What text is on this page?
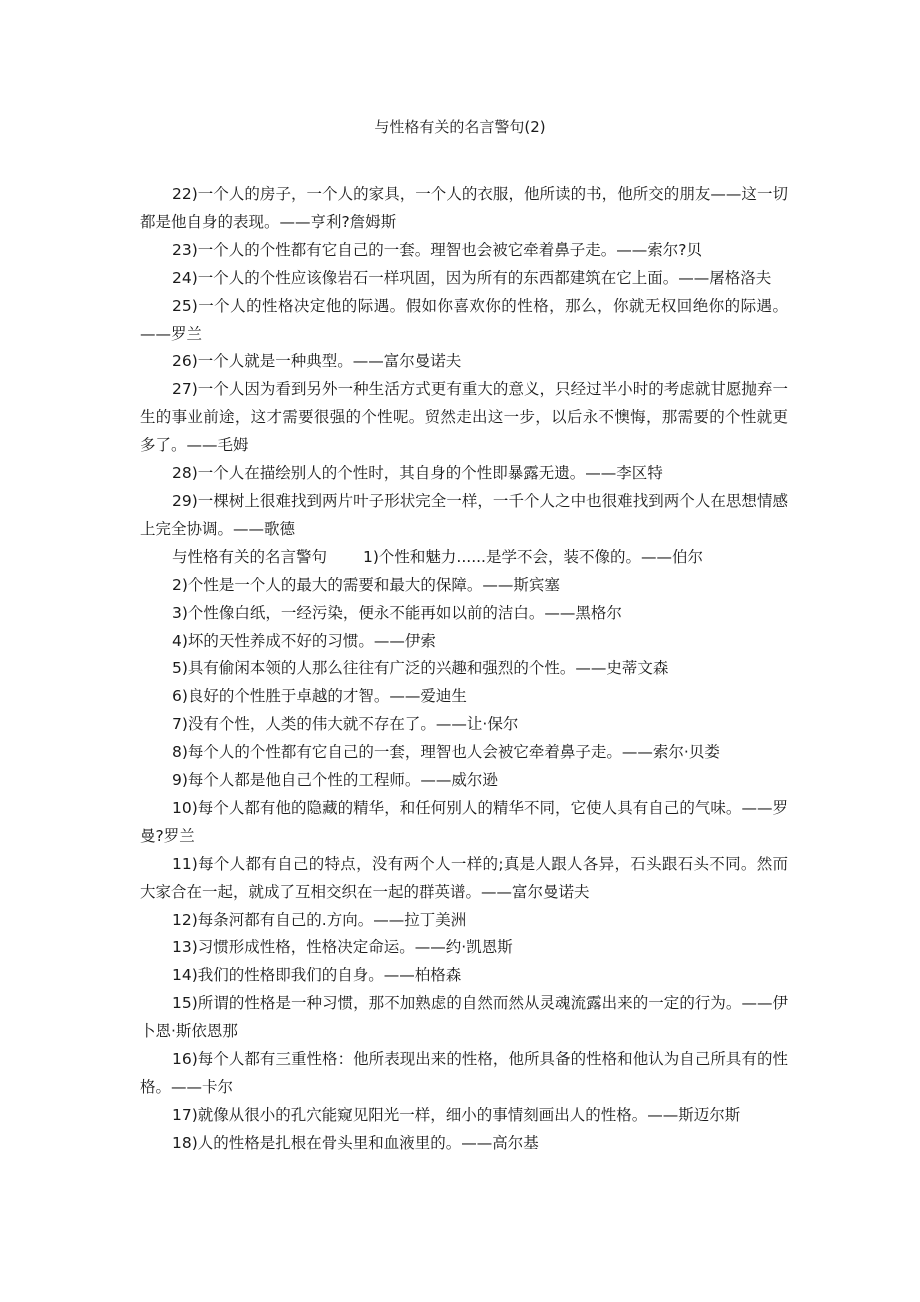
与性格有关的名言警句(2)

22)一个人的房子，一个人的家具，一个人的衣服，他所读的书，他所交的朋友——这一切都是他自身的表现。——亨利?詹姆斯

23)一个人的个性都有它自己的一套。理智也会被它牵着鼻子走。——索尔?贝

24)一个人的个性应该像岩石一样巩固，因为所有的东西都建筑在它上面。——屠格洛夫

25)一个人的性格决定他的际遇。假如你喜欢你的性格，那么，你就无权回绝你的际遇。——罗兰

26)一个人就是一种典型。——富尔曼诺夫

27)一个人因为看到另外一种生活方式更有重大的意义，只经过半小时的考虑就甘愿抛弃一生的事业前途，这才需要很强的个性呢。贸然走出这一步，以后永不懊悔，那需要的个性就更多了。——毛姆

28)一个人在描绘别人的个性时，其自身的个性即暴露无遗。——李区特

29)一棵树上很难找到两片叶子形状完全一样，一千个人之中也很难找到两个人在思想情感上完全协调。——歌德

与性格有关的名言警句 1)个性和魅力......是学不会，装不像的。——伯尔

2)个性是一个人的最大的需要和最大的保障。——斯宾塞

3)个性像白纸，一经污染，便永不能再如以前的洁白。——黑格尔

4)坏的天性养成不好的习惯。——伊索

5)具有偷闲本领的人那么往往有广泛的兴趣和强烈的个性。——史蒂文森

6)良好的个性胜于卓越的才智。——爱迪生

7)没有个性，人类的伟大就不存在了。——让·保尔

8)每个人的个性都有它自己的一套，理智也人会被它牵着鼻子走。——索尔·贝娄

9)每个人都是他自己个性的工程师。——威尔逊

10)每个人都有他的隐藏的精华，和任何别人的精华不同，它使人具有自己的气味。——罗曼?罗兰

11)每个人都有自己的特点，没有两个人一样的;真是人跟人各异，石头跟石头不同。然而大家合在一起，就成了互相交织在一起的群英谱。——富尔曼诺夫

12)每条河都有自己的.方向。——拉丁美洲

13)习惯形成性格，性格决定命运。——约·凯恩斯

14)我们的性格即我们的自身。——柏格森

15)所谓的性格是一种习惯，那不加熟虑的自然而然从灵魂流露出来的一定的行为。——伊卜恩·斯依恩那

16)每个人都有三重性格：他所表现出来的性格，他所具备的性格和他认为自己所具有的性格。——卡尔

17)就像从很小的孔穴能窥见阳光一样，细小的事情刻画出人的性格。——斯迈尔斯

18)人的性格是扎根在骨头里和血液里的。——高尔基
